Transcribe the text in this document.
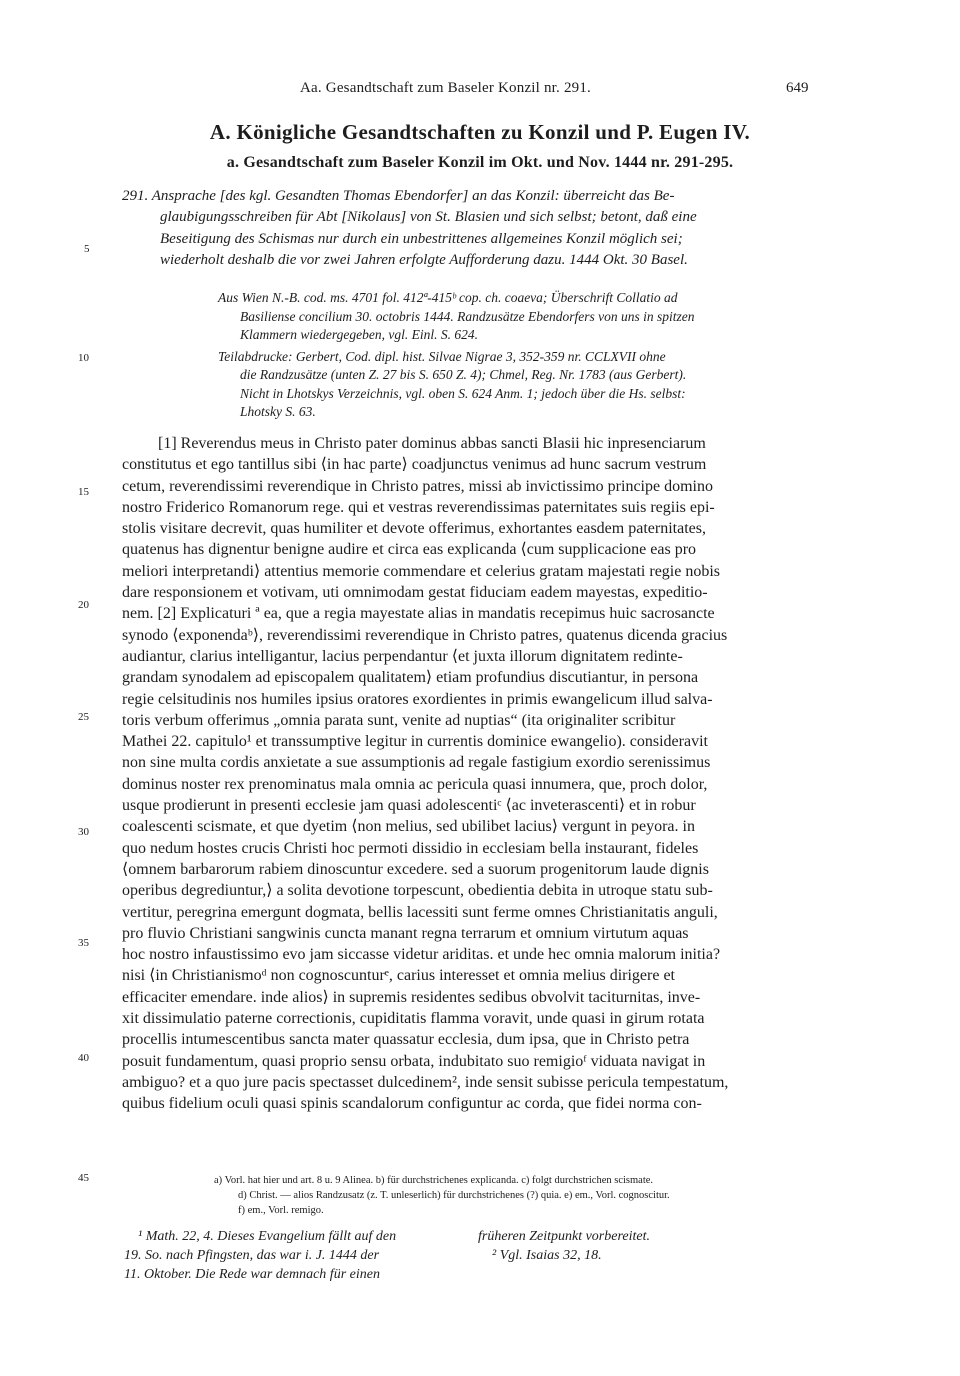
Aa. Gesandtschaft zum Baseler Konzil nr. 291.	649
A. Königliche Gesandtschaften zu Konzil und P. Eugen IV.
a. Gesandtschaft zum Baseler Konzil im Okt. und Nov. 1444 nr. 291-295.
5
10
15
20
25
30
35
40
45
291. Ansprache [des kgl. Gesandten Thomas Ebendorfer] an das Konzil: überreicht das Be-
glaubigungsschreiben für Abt [Nikolaus] von St. Blasien und sich selbst; betont, daß eine
Beseitigung des Schismas nur durch ein unbestrittenes allgemeines Konzil möglich sei;
wiederholt deshalb die vor zwei Jahren erfolgte Aufforderung dazu. 1444 Okt. 30 Basel.
Aus Wien N.-B. cod. ms. 4701 fol. 412ª-415ᵇ cop. ch. coaeva; Überschrift Collatio ad
Basiliense concilium 30. octobris 1444. Randzusätze Ebendorfers von uns in spitzen
Klammern wiedergegeben, vgl. Einl. S. 624.
Teilabdrucke: Gerbert, Cod. dipl. hist. Silvae Nigrae 3, 352-359 nr. CCLXVII ohne
die Randzusätze (unten Z. 27 bis S. 650 Z. 4); Chmel, Reg. Nr. 1783 (aus Gerbert).
Nicht in Lhotskys Verzeichnis, vgl. oben S. 624 Anm. 1; jedoch über die Hs. selbst:
Lhotsky S. 63.
[1] Reverendus meus in Christo pater dominus abbas sancti Blasii hic inpresenciarum
constitutus et ego tantillus sibi ⟨in hac parte⟩ coadjunctus venimus ad hunc sacrum vestrum
cetum, reverendissimi reverendique in Christo patres, missi ab invictissimo principe domino
nostro Friderico Romanorum rege. qui et vestras reverendissimas paternitates suis regiis epi-
stolis visitare decrevit, quas humiliter et devote offerimus, exhortantes easdem paternitates,
quatenus has dignentur benigne audire et circa eas explicanda ⟨cum supplicacione eas pro
meliori interpretandi⟩ attentius memorie commendare et celerius gratam majestati regie nobis
dare responsionem et votivam, uti omnimodam gestat fiduciam eadem mayestas, expeditio-
nem. [2] Explicaturi ª ea, que a regia mayestate alias in mandatis recepimus huic sacrosancte
synodo ⟨exponendaᵇ⟩, reverendissimi reverendique in Christo patres, quatenus dicenda gracius
audiantur, clarius intelligantur, lacius perpendantur ⟨et juxta illorum dignitatem redinte-
grandam synodalem ad episcopalem qualitatem⟩ etiam profundius discutiantur, in persona
regie celsitudinis nos humiles ipsius oratores exordientes in primis ewangelicum illud salva-
toris verbum offerimus „omnia parata sunt, venite ad nuptias“ (ita originaliter scribitur
Mathei 22. capitulo¹ et transsumptive legitur in currentis dominice ewangelio). consideravit
non sine multa cordis anxietate a sue assumptionis ad regale fastigium exordio serenissimus
dominus noster rex prenominatus mala omnia ac pericula quasi innumera, que, proch dolor,
usque prodierunt in presenti ecclesie jam quasi adolescentiᶜ ⟨ac inveterascenti⟩ et in robur
coalescenti scismate, et que dyetim ⟨non melius, sed ubilibet lacius⟩ vergunt in peyora. in
quo nedum hostes crucis Christi hoc permoti dissidio in ecclesiam bella instaurant, fideles
⟨omnem barbarorum rabiem dinoscuntur excedere. sed a suorum progenitorum laude dignis
operibus degrediuntur,⟩ a solita devotione torpescunt, obedientia debita in utroque statu sub-
vertitur, peregrina emergunt dogmata, bellis lacessiti sunt ferme omnes Christianitatis anguli,
pro fluvio Christiani sangwinis cuncta manant regna terrarum et omnium virtutum aquas
hoc nostro infaustissimo evo jam siccasse videtur ariditas. et unde hec omnia malorum initia?
nisi ⟨in Christianismoᵈ non cognoscunturᵉ, carius interesset et omnia melius dirigere et
efficaciter emendare. inde alios⟩ in supremis residentes sedibus obvolvit taciturnitas, inve-
xit dissimulatio paterne correctionis, cupiditatis flamma voravit, unde quasi in girum rotata
procellis intumescentibus sancta mater quassatur ecclesia, dum ipsa, que in Christo petra
posuit fundamentum, quasi proprio sensu orbata, indubitato suo remigioᶠ viduata navigat in
ambiguo? et a quo jure pacis spectasset dulcedinem², inde sensit subisse pericula tempestatum,
quibus fidelium oculi quasi spinis scandalorum configuntur ac corda, que fidei norma con-
a) Vorl. hat hier und art. 8 u. 9 Alinea. b) für durchstrichenes explicanda. c) folgt durchstrichen scismate.
d) Christ. — alios Randzusatz (z. T. unleserlich) für durchstrichenes (?) quia. e) em., Vorl. cognoscitur.
f) em., Vorl. remigo.
¹ Math. 22, 4. Dieses Evangelium fällt auf den
19. So. nach Pfingsten, das war i. J. 1444 der
11. Oktober. Die Rede war demnach für einen
früheren Zeitpunkt vorbereitet.
² Vgl. Isaias 32, 18.
